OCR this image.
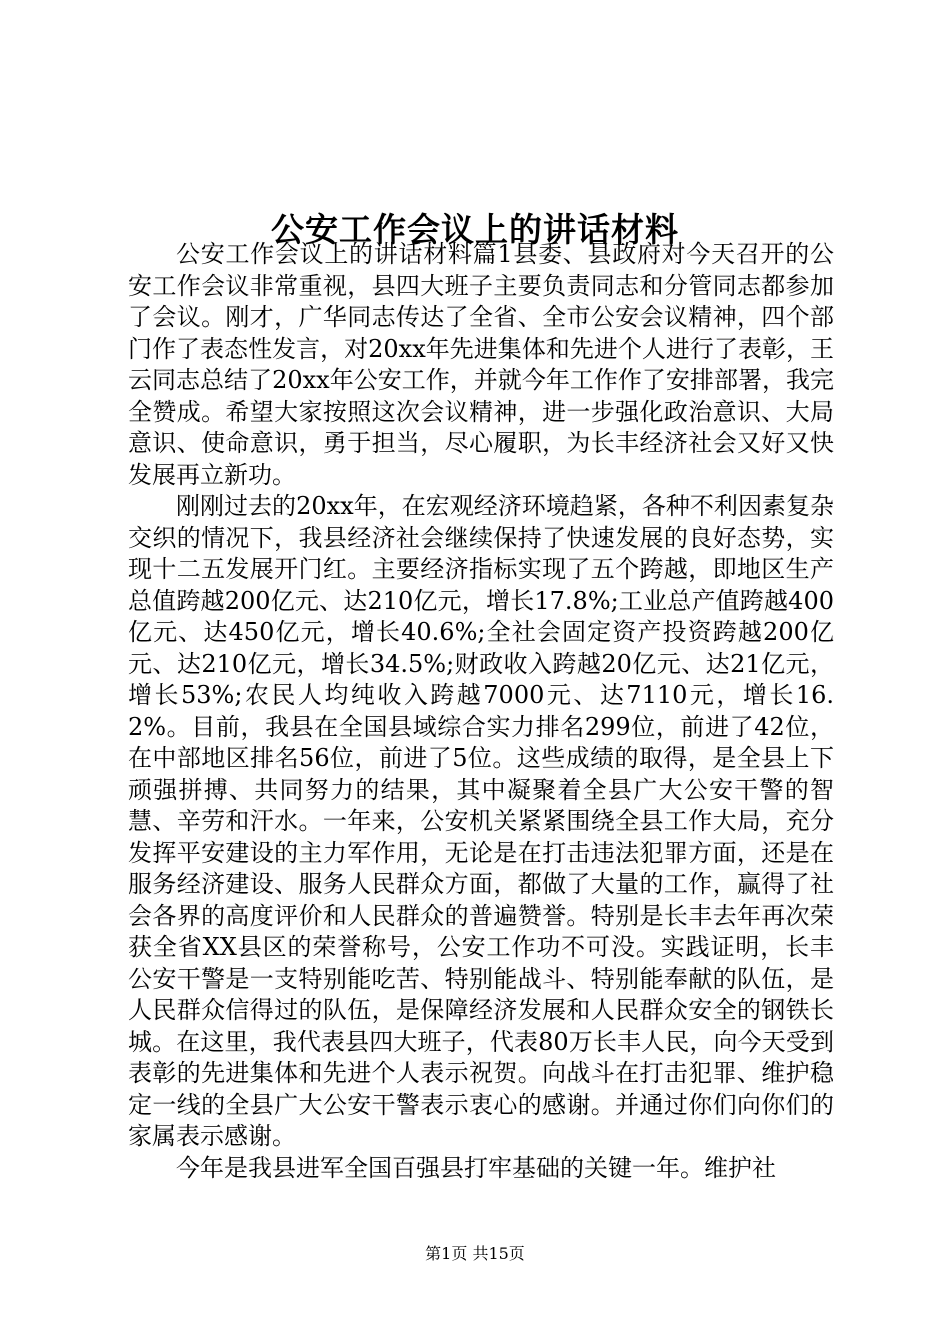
公安工作会议上的讲话材料

公安工作会议上的讲话材料篇1县委、县政府对今天召开的公安工作会议非常重视，县四大班子主要负责同志和分管同志都参加了会议。刚才，广华同志传达了全省、全市公安会议精神，四个部门作了表态性发言，对20xx年先进集体和先进个人进行了表彰，王云同志总结了20xx年公安工作，并就今年工作作了安排部署，我完全赞成。希望大家按照这次会议精神，进一步强化政治意识、大局意识、使命意识，勇于担当，尽心履职，为长丰经济社会又好又快发展再立新功。

刚刚过去的20xx年，在宏观经济环境趋紧，各种不利因素复杂交织的情况下，我县经济社会继续保持了快速发展的良好态势，实现十二五发展开门红。主要经济指标实现了五个跨越，即地区生产总值跨越200亿元、达210亿元，增长17.8%;工业总产值跨越400亿元、达450亿元，增长40.6%;全社会固定资产投资跨越200亿元、达210亿元，增长34.5%;财政收入跨越20亿元、达21亿元，增长53%;农民人均纯收入跨越7000元、达7110元，增长16.2%。目前，我县在全国县域综合实力排名299位，前进了42位，在中部地区排名56位，前进了5位。这些成绩的取得，是全县上下顽强拼搏、共同努力的结果，其中凝聚着全县广大公安干警的智慧、辛劳和汗水。一年来，公安机关紧紧围绕全县工作大局，充分发挥平安建设的主力军作用，无论是在打击违法犯罪方面，还是在服务经济建设、服务人民群众方面，都做了大量的工作，赢得了社会各界的高度评价和人民群众的普遍赞誉。特别是长丰去年再次荣获全省XX县区的荣誉称号，公安工作功不可没。实践证明，长丰公安干警是一支特别能吃苦、特别能战斗、特别能奉献的队伍，是人民群众信得过的队伍，是保障经济发展和人民群众安全的钢铁长城。在这里，我代表县四大班子，代表80万长丰人民，向今天受到表彰的先进集体和先进个人表示祝贺。向战斗在打击犯罪、维护稳定一线的全县广大公安干警表示衷心的感谢。并通过你们向你们的家属表示感谢。

今年是我县进军全国百强县打牢基础的关键一年。维护社

第1页 共15页
